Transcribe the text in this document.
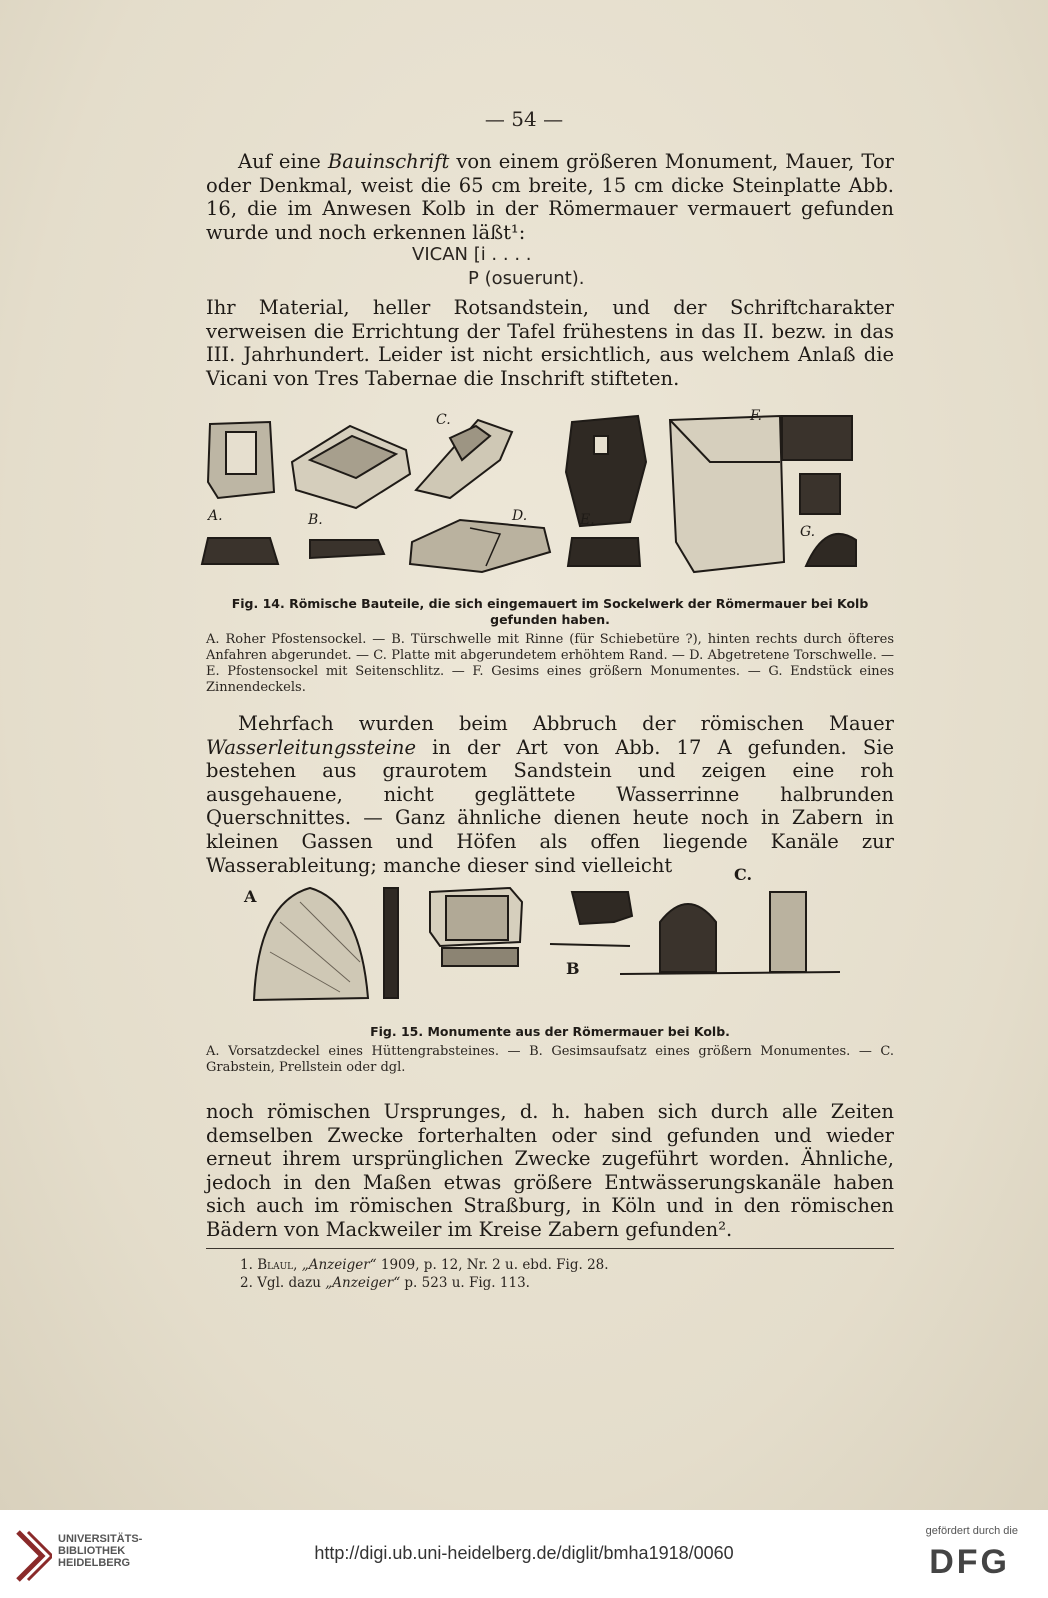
— 54 —

Auf eine Bauinschrift von einem größeren Monument, Mauer, Tor oder Denkmal, weist die 65 cm breite, 15 cm dicke Steinplatte Abb. 16, die im Anwesen Kolb in der Römermauer vermauert gefunden wurde und noch erkennen läßt¹:

VICAN [i . . . .
P (osuerunt).

Ihr Material, heller Rotsandstein, und der Schriftcharakter verweisen die Errichtung der Tafel frühestens in das II. bezw. in das III. Jahrhundert. Leider ist nicht ersichtlich, aus welchem Anlaß die Vicani von Tres Tabernae die Inschrift stifteten.

A.	B.
C.
D.	E.
F.
G.
Fig. 14. Römische Bauteile, die sich eingemauert im Sockelwerk der Römermauer bei Kolb gefunden haben.

A. Roher Pfostensockel. — B. Türschwelle mit Rinne (für Schiebetüre ?), hinten rechts durch öfteres Anfahren abgerundet. — C. Platte mit abgerundetem erhöhtem Rand. — D. Abgetretene Torschwelle. — E. Pfostensockel mit Seitenschlitz. — F. Gesims eines größern Monumentes. — G. Endstück eines Zinnendeckels.

Mehrfach wurden beim Abbruch der römischen Mauer Wasserleitungssteine in der Art von Abb. 17 A gefunden. Sie bestehen aus graurotem Sandstein und zeigen eine roh ausgehauene, nicht geglättete Wasserrinne halbrunden Querschnittes. — Ganz ähnliche dienen heute noch in Zabern in kleinen Gassen und Höfen als offen liegende Kanäle zur Wasserableitung; manche dieser sind vielleicht

A
B
C.
Fig. 15. Monumente aus der Römermauer bei Kolb.

A. Vorsatzdeckel eines Hüttengrabsteines. — B. Gesimsaufsatz eines größern Monumentes. — C. Grabstein, Prellstein oder dgl.

noch römischen Ursprunges, d. h. haben sich durch alle Zeiten demselben Zwecke forterhalten oder sind gefunden und wieder erneut ihrem ursprünglichen Zwecke zugeführt worden. Ähnliche, jedoch in den Maßen etwas größere Entwässerungskanäle haben sich auch im römischen Straßburg, in Köln und in den römischen Bädern von Mackweiler im Kreise Zabern gefunden².

1. Blaul, „Anzeiger“ 1909, p. 12, Nr. 2 u. ebd. Fig. 28.
2. Vgl. dazu „Anzeiger“ p. 523 u. Fig. 113.
UNIVERSITÄTS-
BIBLIOTHEK
HEIDELBERG	http://digi.ub.uni-heidelberg.de/diglit/bmha1918/0060
gefördert durch die
DFG
